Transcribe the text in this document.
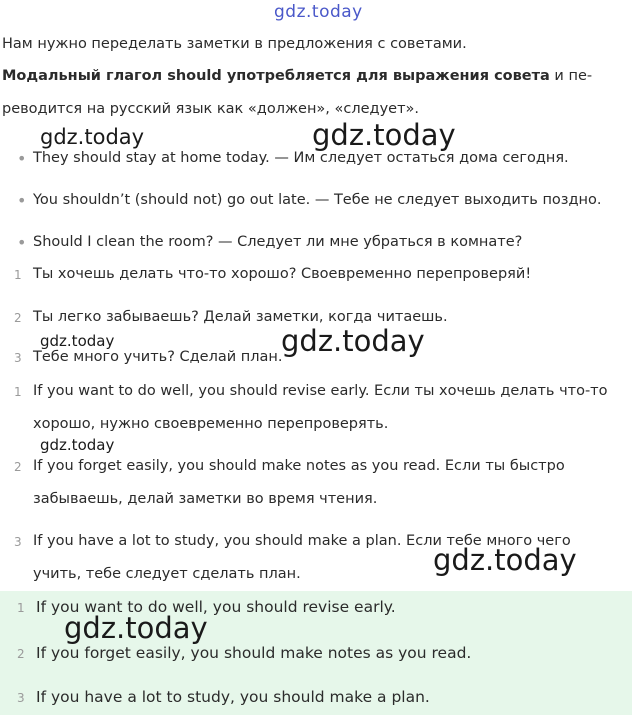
gdz.today
Нам нужно переделать заметки в предложения с советами.
Модальный глагол should употребляется для выражения совета и пе-
реводится на русский язык как «должен», «следует».
gdz.today	gdz.today
• They should stay at home today. — Им следует остаться дома сегодня.
• You shouldn’t (should not) go out late. — Тебе не следует выходить поздно.
• Should I clean the room? — Следует ли мне убраться в комнате?
1 Ты хочешь делать что-то хорошо? Своевременно перепроверяй!
2 Ты легко забываешь? Делай заметки, когда читаешь.
gdz.today	gdz.today
3 Тебе много учить? Сделай план.
1 If you want to do well, you should revise early. Если ты хочешь делать что-то
хорошо, нужно своевременно перепроверять.
gdz.today
2 If you forget easily, you should make notes as you read. Если ты быстро
забываешь, делай заметки во время чтения.
3 If you have a lot to study, you should make a plan. Если тебе много чего
учить, тебе следует сделать план.	gdz.today
1 If you want to do well, you should revise early.
2 If you forget easily, you should make notes as you read.
3 If you have a lot to study, you should make a plan.
gdz.today
